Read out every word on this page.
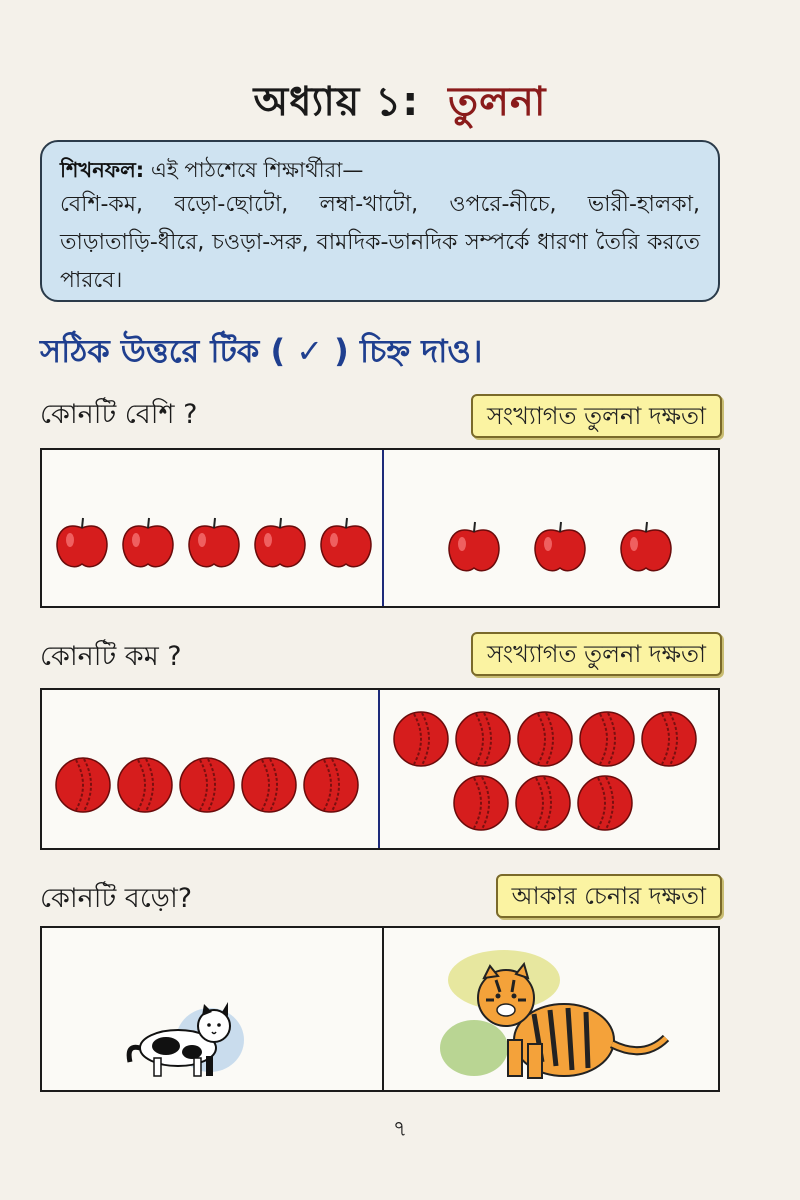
অধ্যায় ১: তুলনা
শিখনফল: এই পাঠশেষে শিক্ষার্থীরা—
বেশি-কম, বড়ো-ছোটো, লম্বা-খাটো, ওপরে-নীচে, ভারী-হালকা, তাড়াতাড়ি-ধীরে, চওড়া-সরু, বামদিক-ডানদিক সম্পর্কে ধারণা তৈরি করতে পারবে।
সঠিক উত্তরে টিক ( ✓ ) চিহ্ন দাও।
কোনটি বেশি ?	সংখ্যাগত তুলনা দক্ষতা
কোনটি কম ?	সংখ্যাগত তুলনা দক্ষতা
কোনটি বড়ো?	আকার চেনার দক্ষতা
৭
